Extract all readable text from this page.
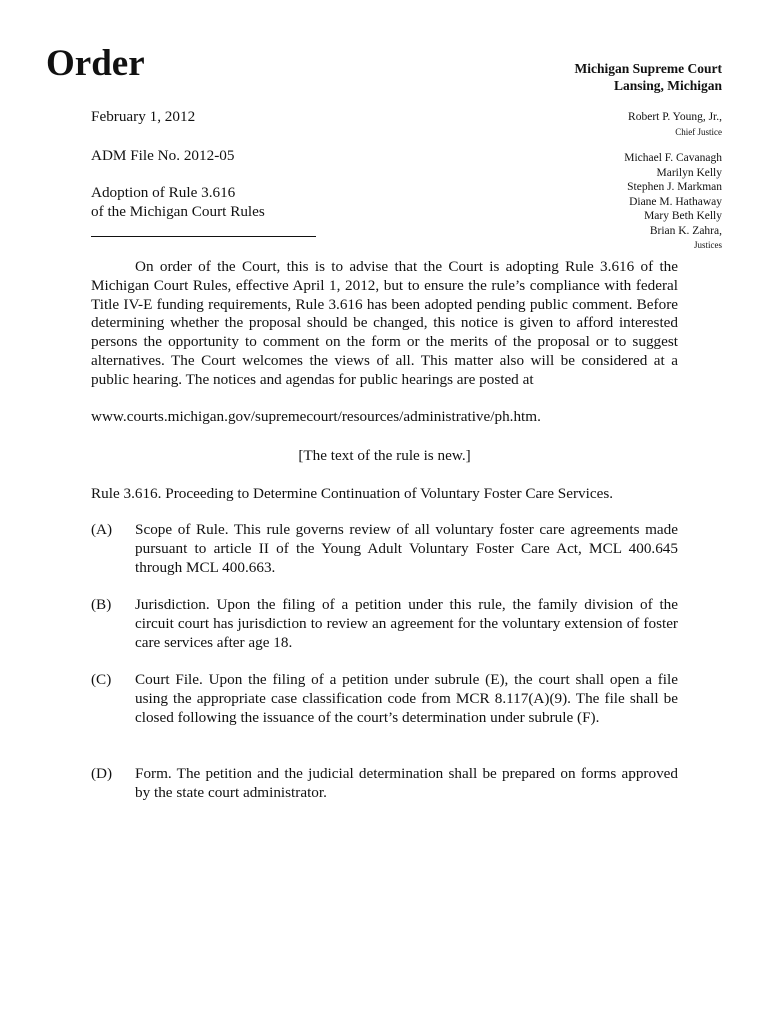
Order	Michigan Supreme Court
Lansing, Michigan
Robert P. Young, Jr.,
Chief Justice
Michael F. Cavanagh
Marilyn Kelly
Stephen J. Markman
Diane M. Hathaway
Mary Beth Kelly
Brian K. Zahra,
Justices
February 1, 2012
ADM File No. 2012-05
Adoption of Rule 3.616
of the Michigan Court Rules

On order of the Court, this is to advise that the Court is adopting Rule 3.616 of the Michigan Court Rules, effective April 1, 2012, but to ensure the rule’s compliance with federal Title IV-E funding requirements, Rule 3.616 has been adopted pending public comment. Before determining whether the proposal should be changed, this notice is given to afford interested persons the opportunity to comment on the form or the merits of the proposal or to suggest alternatives. The Court welcomes the views of all. This matter also will be considered at a public hearing. The notices and agendas for public hearings are posted at

www.courts.michigan.gov/supremecourt/resources/administrative/ph.htm.

[The text of the rule is new.]
Rule 3.616. Proceeding to Determine Continuation of Voluntary Foster Care Services.
(A) Scope of Rule. This rule governs review of all voluntary foster care agreements made pursuant to article II of the Young Adult Voluntary Foster Care Act, MCL 400.645 through MCL 400.663.
(B) Jurisdiction. Upon the filing of a petition under this rule, the family division of the circuit court has jurisdiction to review an agreement for the voluntary extension of foster care services after age 18.
(C) Court File. Upon the filing of a petition under subrule (E), the court shall open a file using the appropriate case classification code from MCR 8.117(A)(9). The file shall be closed following the issuance of the court’s determination under subrule (F).
(D) Form. The petition and the judicial determination shall be prepared on forms approved by the state court administrator.
